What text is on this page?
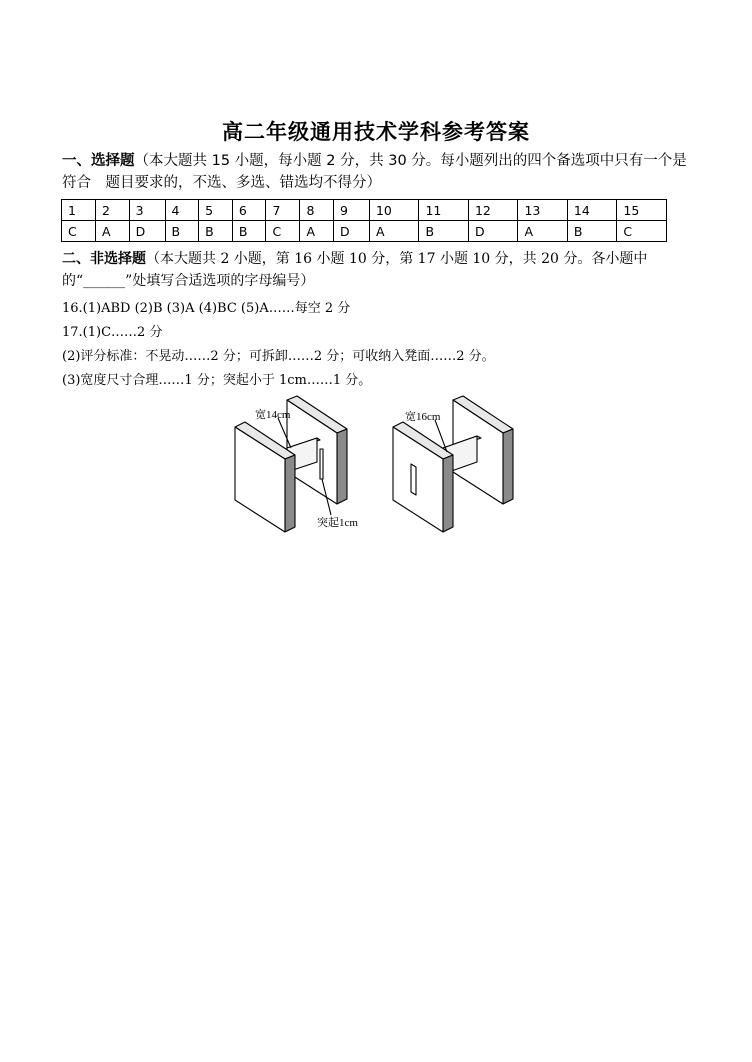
高二年级通用技术学科参考答案
一、选择题（本大题共 15 小题，每小题 2 分，共 30 分。每小题列出的四个备选项中只有一个是符合　题目要求的，不选、多选、错选均不得分）
1	2	3	4	5	6	7	8	9	10	11	12	13	14	15
C	A	D	B	B	B	C	A	D	A	B	D	A	B	C
二、非选择题（本大题共 2 小题，第 16 小题 10 分，第 17 小题 10 分，共 20 分。各小题中的“______”处填写合适选项的字母编号）
16.(1)ABD (2)B (3)A (4)BC (5)A……每空 2 分
17.(1)C……2 分
(2)评分标准：不晃动……2 分；可拆卸……2 分；可收纳入凳面……2 分。
(3)宽度尺寸合理……1 分；突起小于 1cm……1 分。
宽14cm
突起1cm
宽16cm
